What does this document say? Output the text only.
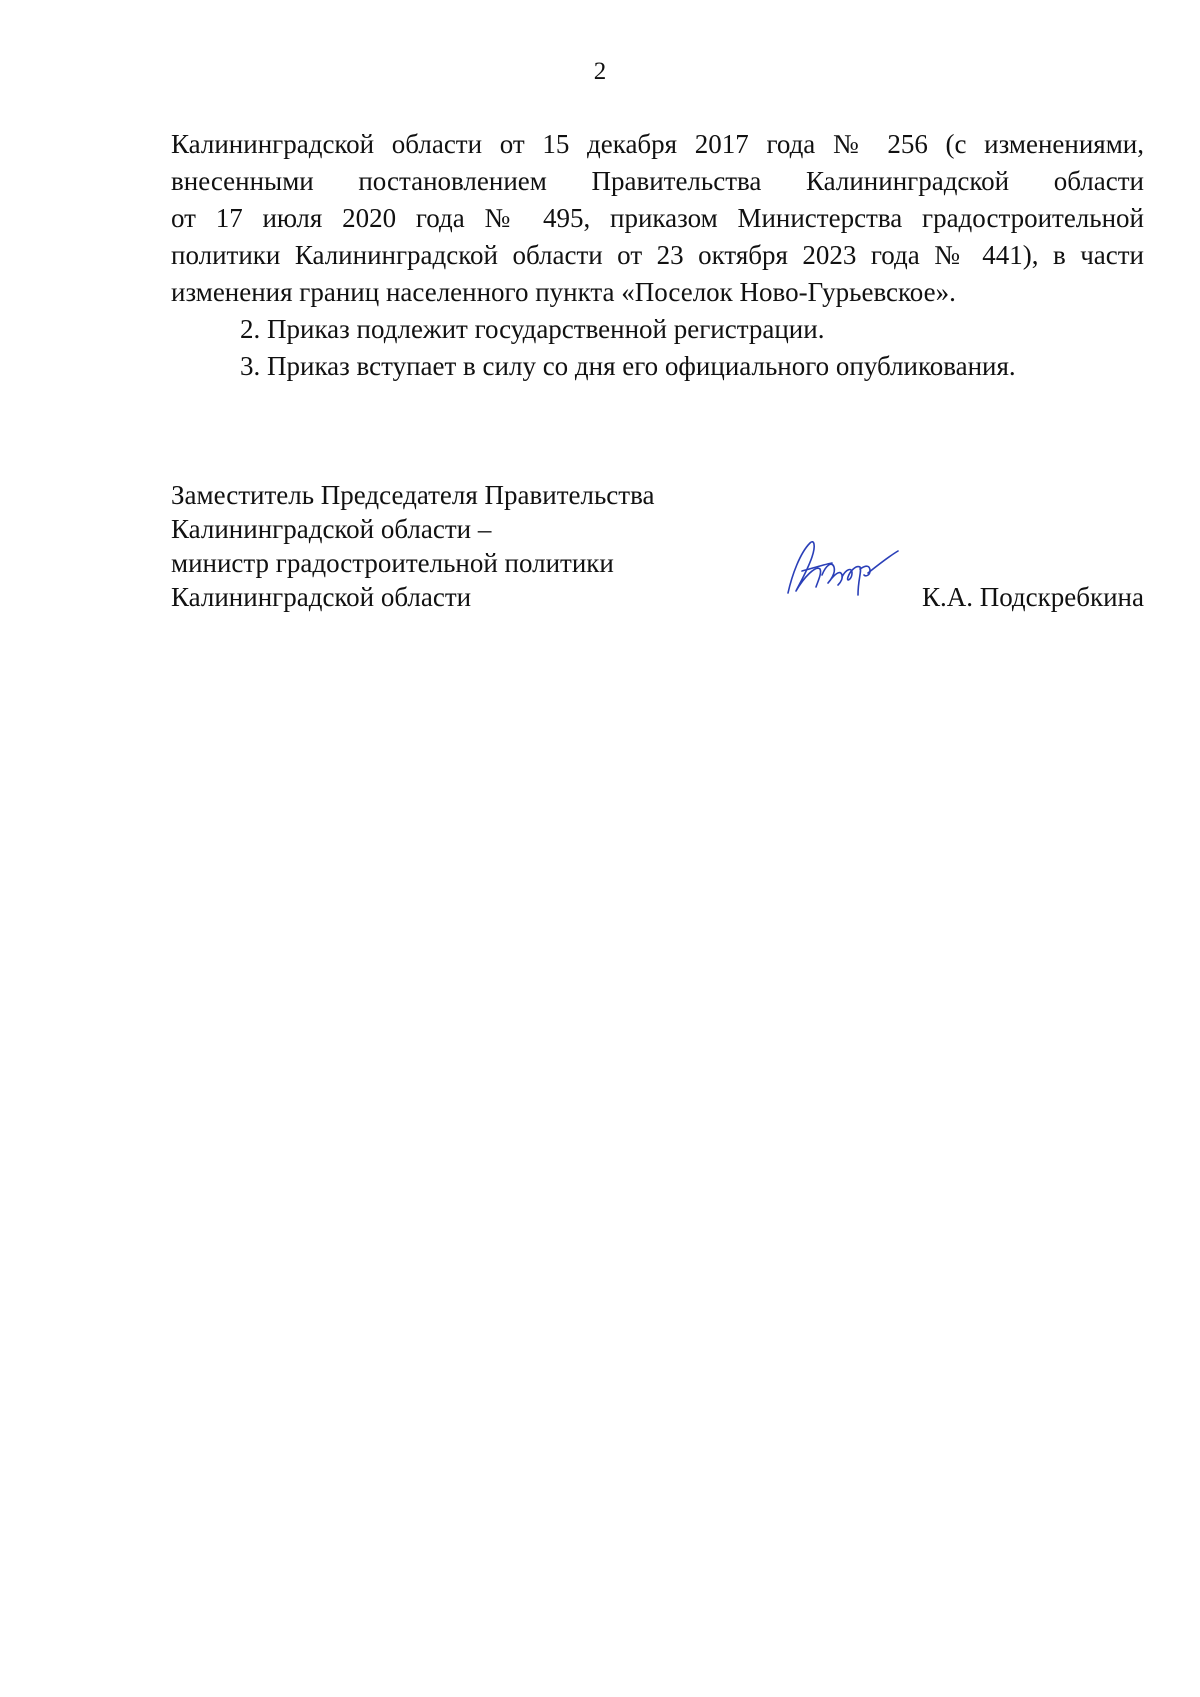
2
Калининградской области от 15 декабря 2017 года № 256 (с изменениями,
внесенными постановлением Правительства Калининградской области
от 17 июля 2020 года № 495, приказом Министерства градостроительной
политики Калининградской области от 23 октября 2023 года № 441), в части
изменения границ населенного пункта «Поселок Ново-Гурьевское».
2. Приказ подлежит государственной регистрации.
3. Приказ вступает в силу со дня его официального опубликования.
Заместитель Председателя Правительства
Калининградской области –
министр градостроительной политики
Калининградской области	К.А. Подскребкина
